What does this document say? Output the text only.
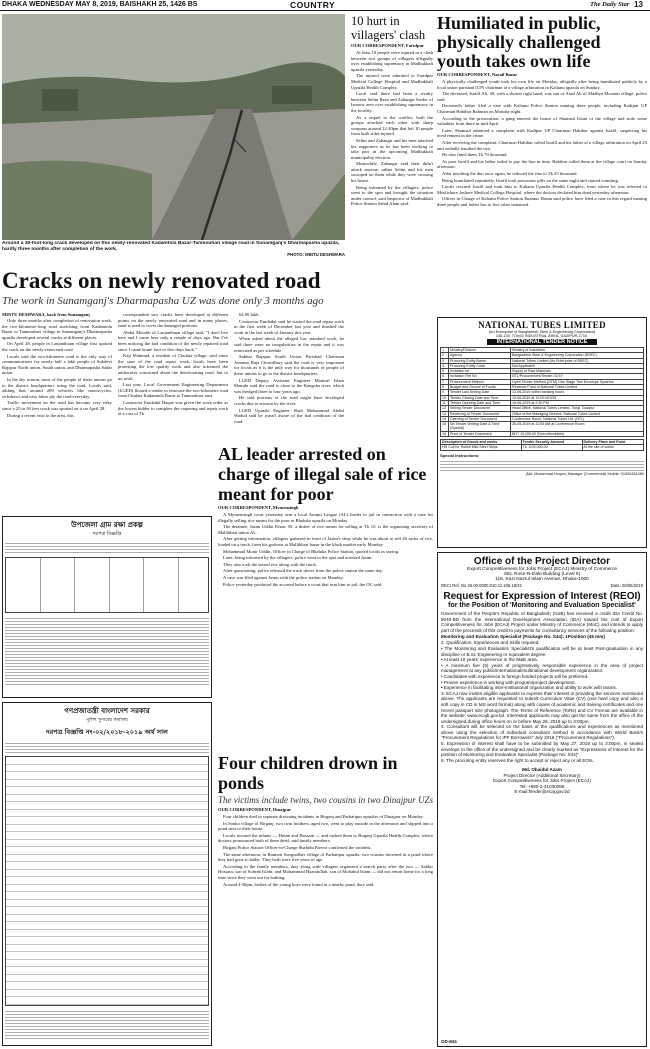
DHAKA WEDNESDAY MAY 8, 2019, BAISHAKH 25, 1426 BS	COUNTRY	The Daily Star 13
Around a 30-foot-long crack developed on this newly-renovated Kadamtola Bazar-Tanmouhari village road in Sunamganj's Dharmapasha upazila, hardly three months after completion of the work.
PHOTO: MINTU DESHWARA
Cracks on newly renovated road
The work in Sunamganj's Dharmapasha UZ was done only 3 months ago
MINTU DESHWARA, back from Sunamganj

Only three months after completion of renovation work, the two-kilometre-long road stretching from Kadamtola Bazar to Tanmouhari village in Sunamganj's Dharmapasha upazila developed several cracks at different places.

On April 28, people in Lanjanthuan village first spotted the crack on the newly-renovated road.

Locals said the two-kilometre road is the only way of communications for nearly half a lakh people of Sukdevi Rajapur North union, South union, and Dharmapasha Sadar union.

In the dry season, most of the people of these unions go to the district headquarters using the road. Locals said, adding that around 200 vehicles like motorcycles, rickshaws and easy bikes ply the road everyday.

Traffic movement on the road has become very risky since a 25 to 30 feet crack was spotted on it on April 28.

During a recent visit to the area, this

correspondent saw cracks have developed at different points on the newly renovated road and in many places, sand is used to cover the damaged portions.

Abdul Motalib of Lanjanthuan village said, "I don't live here and I came here only a couple of days ago. But I've been noticing the bad condition of the newly repaired road since I came home four or five days back."

Kaji Mahmud, a resident of Chulata village, said since the start of the road repair work, locals have been protesting the low quality work and also informed the authorities concerned about the deteriorating road, but to no avail.

Last year, Local Government Engineering Department (LGED) floated a tender to renovate the two-kilometre road from Chulata Kadamtola Bazar to Tanmouhari area.

Contractor Emdadul Haque was given the work order as the lowest bidder to complete the carpeting and repair work at a cost of Tk

64.00 lakh.

Contractor Emdadul said he started the road repair work in the first week of December last year and finished the work in the last week of January this year.

When asked about the alleged low standard work, he said there were no irregularities in the repair and it was renovated as per schedule.

Sukhai Rajapur South Union Parishad Chairman Amanur Raja Chowdhury said the road is very important for locals as it is the only way for thousands of people of these unions to go to the district headquarters.

LGED Deputy Assistant Engineer Monirul Islam Mamdu said the road is close to the Kangsha river, which was dredged three to four years ago.

He said portions of the road might have developed cracks due to erosion by the river.

LGED Upazila Engineer Shah Mohammad Abdul Wadud said he wasn't aware of the bad condition of the road.

10 hurt in villagers' clash
OUR CORRESPONDENT, Faridpur

At least 10 people were injured in a clash between two groups of villagers allegedly over establishing supremacy in Madhukhali upazila yesterday.

The injured were admitted to Faridpur Medical College Hospital and Madhukhali Upazila Health Complex.

Local said there had been a rivalry between Selim Reza and Zahangir Sarder of Ismorir area over establishing supremacy in the locality.

As a sequel to the conflict, both the groups attacked each other with sharp weapons around 12:30pm that left 10 people from both sides injured.

Selim and Zahangir and his men attacked his supporters as he has been working to take part in the upcoming Madhukhali municipality election.

Meanwhile, Zahangir said their didn't attack anyone, rather Selim and his men swooped on them while they were crossing his house.

Being informed by the villagers, police went to the spot and brought the situation under control, said Inspector of Madhukhali Police Station Sahid Alam said.

Humiliated in public, physically challenged youth takes own life
OUR CORRESPONDENT, Narail Bazar

A physically challenged youth took his own life on Monday, allegedly after being humiliated publicly by a local union parishad (UP) chairman at a village arbitration in Kalianu upazila on Sunday.

The deceased, Israfil Ali, 28, with a shorter right hand, was son of Asad Ali of Madhya Mosmui village, police said.

Deceased's father filed a case with Kalianu Police Station naming three people, including Kadipur UP Chairman Habibur Rahman on Monday night.

According to the prosecution, a gang entered the house of Shamsul Islam of the village and stole some valuables from there in mid April.

Later, Shamsul admitted a complaint with Kadipur UP Chairman Habibur against Israfil, suspecting his involvement in the crime.

After receiving the complaint, Chairman Habibur called Israfil and his father at a village arbitration on April 23 and verbally insulted the two.

He also fined them Tk 70 thousand.

As poor Israfil and his father failed to pay the fine in time, Habibur called them at the village court on Sunday afternoon.

After insulting the duo once again, he reduced the fine to Tk 35 thousand.

Being humiliated repeatedly, Israfil took poisonous pills on the same night and started vomiting.

Locals rescued Israfil and took him to Kalianu Upazila Health Complex, from where he was referred to Mosfishure Jashore Medical College Hospital, where the doctors declared him dead yesterday afternoon.

Officer in Charge of Kalianu Police Station Enamus Hasan said police have filed a case in this regard naming three people and father has to five other unnamed.

NATIONAL TUBES LIMITED
(An Enterprise of Bangladesh Steel & Engineering Corporation)
135-139, TONGI INDUSTRIAL AREA, GAZIPUR-1710.
INTERNATIONAL TENDER NOTICE
1	Ministry/Division	Ministry of Industries
2	Agency	Bangladesh Steel & Engineering Corporation (BSEC)
3	Procuring Entity Name	National Tubes Limited (An Enterprise of BSEC)
4	Procuring Entity Code	Not Applicable
5	Invitation for	Supply of Raw Materials
6	Invitation Ref No	NTL/Procurement/Tender-01/19
7	Procurement Method	Open Tender Method (OTM) One Stage Two Envelope Systems
8	Budget and Source of Funds	Revenue Fund of National Tubes Limited
9	Tender Last Selling Date	13-06-2019 within banking hours
10	Tender Closing Date and Time	19-06-2019 at 12:00 NOON
11	Tender Opening Date and Time	19-06-2019 at 2:30 PM
12	Selling Tender Document	Head Office, National Tubes Limited, Tongi, Gazipur
13	Receiving of Tender Document	Office of the Managing Director, National Tubes Limited
14	Opening of Tender Document	Conference Room, National Tubes Ltd. (NTL)
15	No Tender Writing Date & Time (Special)	26-05-2019 at 11:00 AM at Conference Room
16	Price of Tender Document	BDT 10,000.00 (Non-refundable)
Description of Goods and works	Tender Security Amount	Delivery Place and Point
HR Coil for Rolled Mild Steel Strips	Tk. 8,00,000.00	At the site of works
Special Instructions:
(Md. Mosammat Hoque) Manager (Commercial) Mobile: 01552451080
উপজেলা গ্রাম রক্ষা প্রকল্প
দরপত্র বিজ্ঞপ্তি
গণপ্রজাতন্ত্রী বাংলাদেশ সরকার
পুলিশ সুপারের কার্যালয়
দরপত্র বিজ্ঞপ্তি নং-০২/২০১৮-২০১৯ অর্থ সাল
AL leader arrested on charge of illegal sale of rice meant for poor
OUR CORRESPONDENT, Mymensingh

A Mymensingh court yesterday sent a local Awami League (AL) leader to jail in connection with a case for illegally selling rice meant for the poor in Bhaluka upazila on Monday.

The detainee, Jasim Uddin Khan, 50, a dealer of rice meant for selling at Tk 10, is the organising secretary of Mallikbari union AL.

After getting information, villagers gathered in front of Jasim's shop while he was about to sell 40 sacks of rice, loaded on a truck, from his godown at Mallikbari bazar in the black market early Monday.

Mohammad Monir Uddin, Officer in Charge of Bhaluka Police Station, quoted locals as saying.

Later, being informed by the villagers, police went to the spot and arrested Jasim.

They also took the seized rice along with the truck.

After questioning, police released the truck driver from the police station the same day.

A case was filed against Jasim with the police station on Monday.

Police yesterday produced the accused before a court that sent him to jail, the OC said.

Four children drown in ponds
The victims include twins, two cousins in two Dinajpur UZs
OUR CORRESPONDENT, Dinajpur

Four children died in separate drowning incidents in Birganj and Parbatipur upazilas of Dinajpur on Monday.

In Sonka village of Birganj, two twin brothers, aged two, went to play outside in the afternoon and slipped into a pond next to their house.

Locals rescued the infants — Hasan and Hussain — and rushed them to Birganj Upazila Health Complex, where doctors pronounced both of them dead, said family members.

Birganj Police Station Officer-in-Charge Shahidu Parvez confirmed the incident.

The same afternoon, in Bramon Songsodher village of Parbatipur upazila, two cousins drowned in a pond where they had gone to bathe. They both were five years of age.

According to the family members, they along with villagers organised a search party after the two — Sabbir Hossain, son of Sohrab Islam; and Mohammad Hazratullah, son of Mohabul Islam — did not return home for a long time since they went out for bathing.

Around 4:30pm, bodies of the young boys were found in a nearby pond, they said.

Office of the Project Director
Export Competitiveness for Jobs Project (ECAJ) Ministry of Commerce
SEL Rose-N-Dale Building (Level 6)
116, Kazi Nazrul Islam Avenue, Dhaka-1000
RECI Ref. No 26.00.0000.010.11.106.19/31	Date: 08/05/2019
Request for Expression of Interest (REOI)
for the Position of 'Monitoring and Evaluation Specialist'
Government of the People's Republic of Bangladesh (GoB) has received a credit IDA Credit No. 6040-BD from the International Development Association (IDA) toward the cost of Export Competitiveness for Jobs (ECAJ) Project under Ministry of Commerce (MoC) and intends to apply part of the proceeds of this credit to payments for consultancy services of the following position:
Monitoring and Evaluation Specialist (Package No. S44): 1Position (45 mm)
2. Qualification, Experiences and Skills required:
• The Monitoring and Evaluation Specialist's qualification will be at least Post-graduation in any discipline or B.Sc Engineering or equivalent degree.
• At least 10 years' experience in the M&E area.
• A minimum five (5) years of progressively responsible experience in the area of project management at any public/international/multinational development organization.
• Candidates with experience in foreign funded projects will be preferred.
• Proven experience in working with program/project development.
• Experience in facilitating inter-institutional organization and ability to work with teams.
3. ECAJ now invites eligible applicants to express their interest in providing the services mentioned above. The applicants are requested to submit Curriculum Vitae (CV) (one hard copy and also a soft copy in CD in MS word format) along with copies of academic and training certificates and one recent passport size photograph. The Terms of Reference (ToRs) and CV Format are available in the website: www.ecajb.gov.bd. Interested applicants may also get the same from the office of the undersigned during office hours on or before May 26, 2019 up to 3:00pm.
4. Consultant will be selected on the basis of the qualifications and experiences as mentioned above using the selection of individual consultant method in accordance with World Bank's "Procurement Regulations for IPF Borrowers" July 2016 ("Procurement Regulations").
5. Expression of interest shall have to be submitted by May 27, 2019 up to 3:00pm, in sealed envelope to the office of the undersigned and be clearly marked as "Expressions of Interest for the position of Monitoring and Evaluation Specialist (Package No. S44)".
6. The procuring entity reserves the right to accept or reject any or all EOIs.
Md. Obaidul Azam
Project Director (Additional Secretary)
Export Competitiveness for Jobs Project (ECAJ)
Tel: +880-2-41030085
E-mail:fender@ecaj.gov.bd
GD-844
